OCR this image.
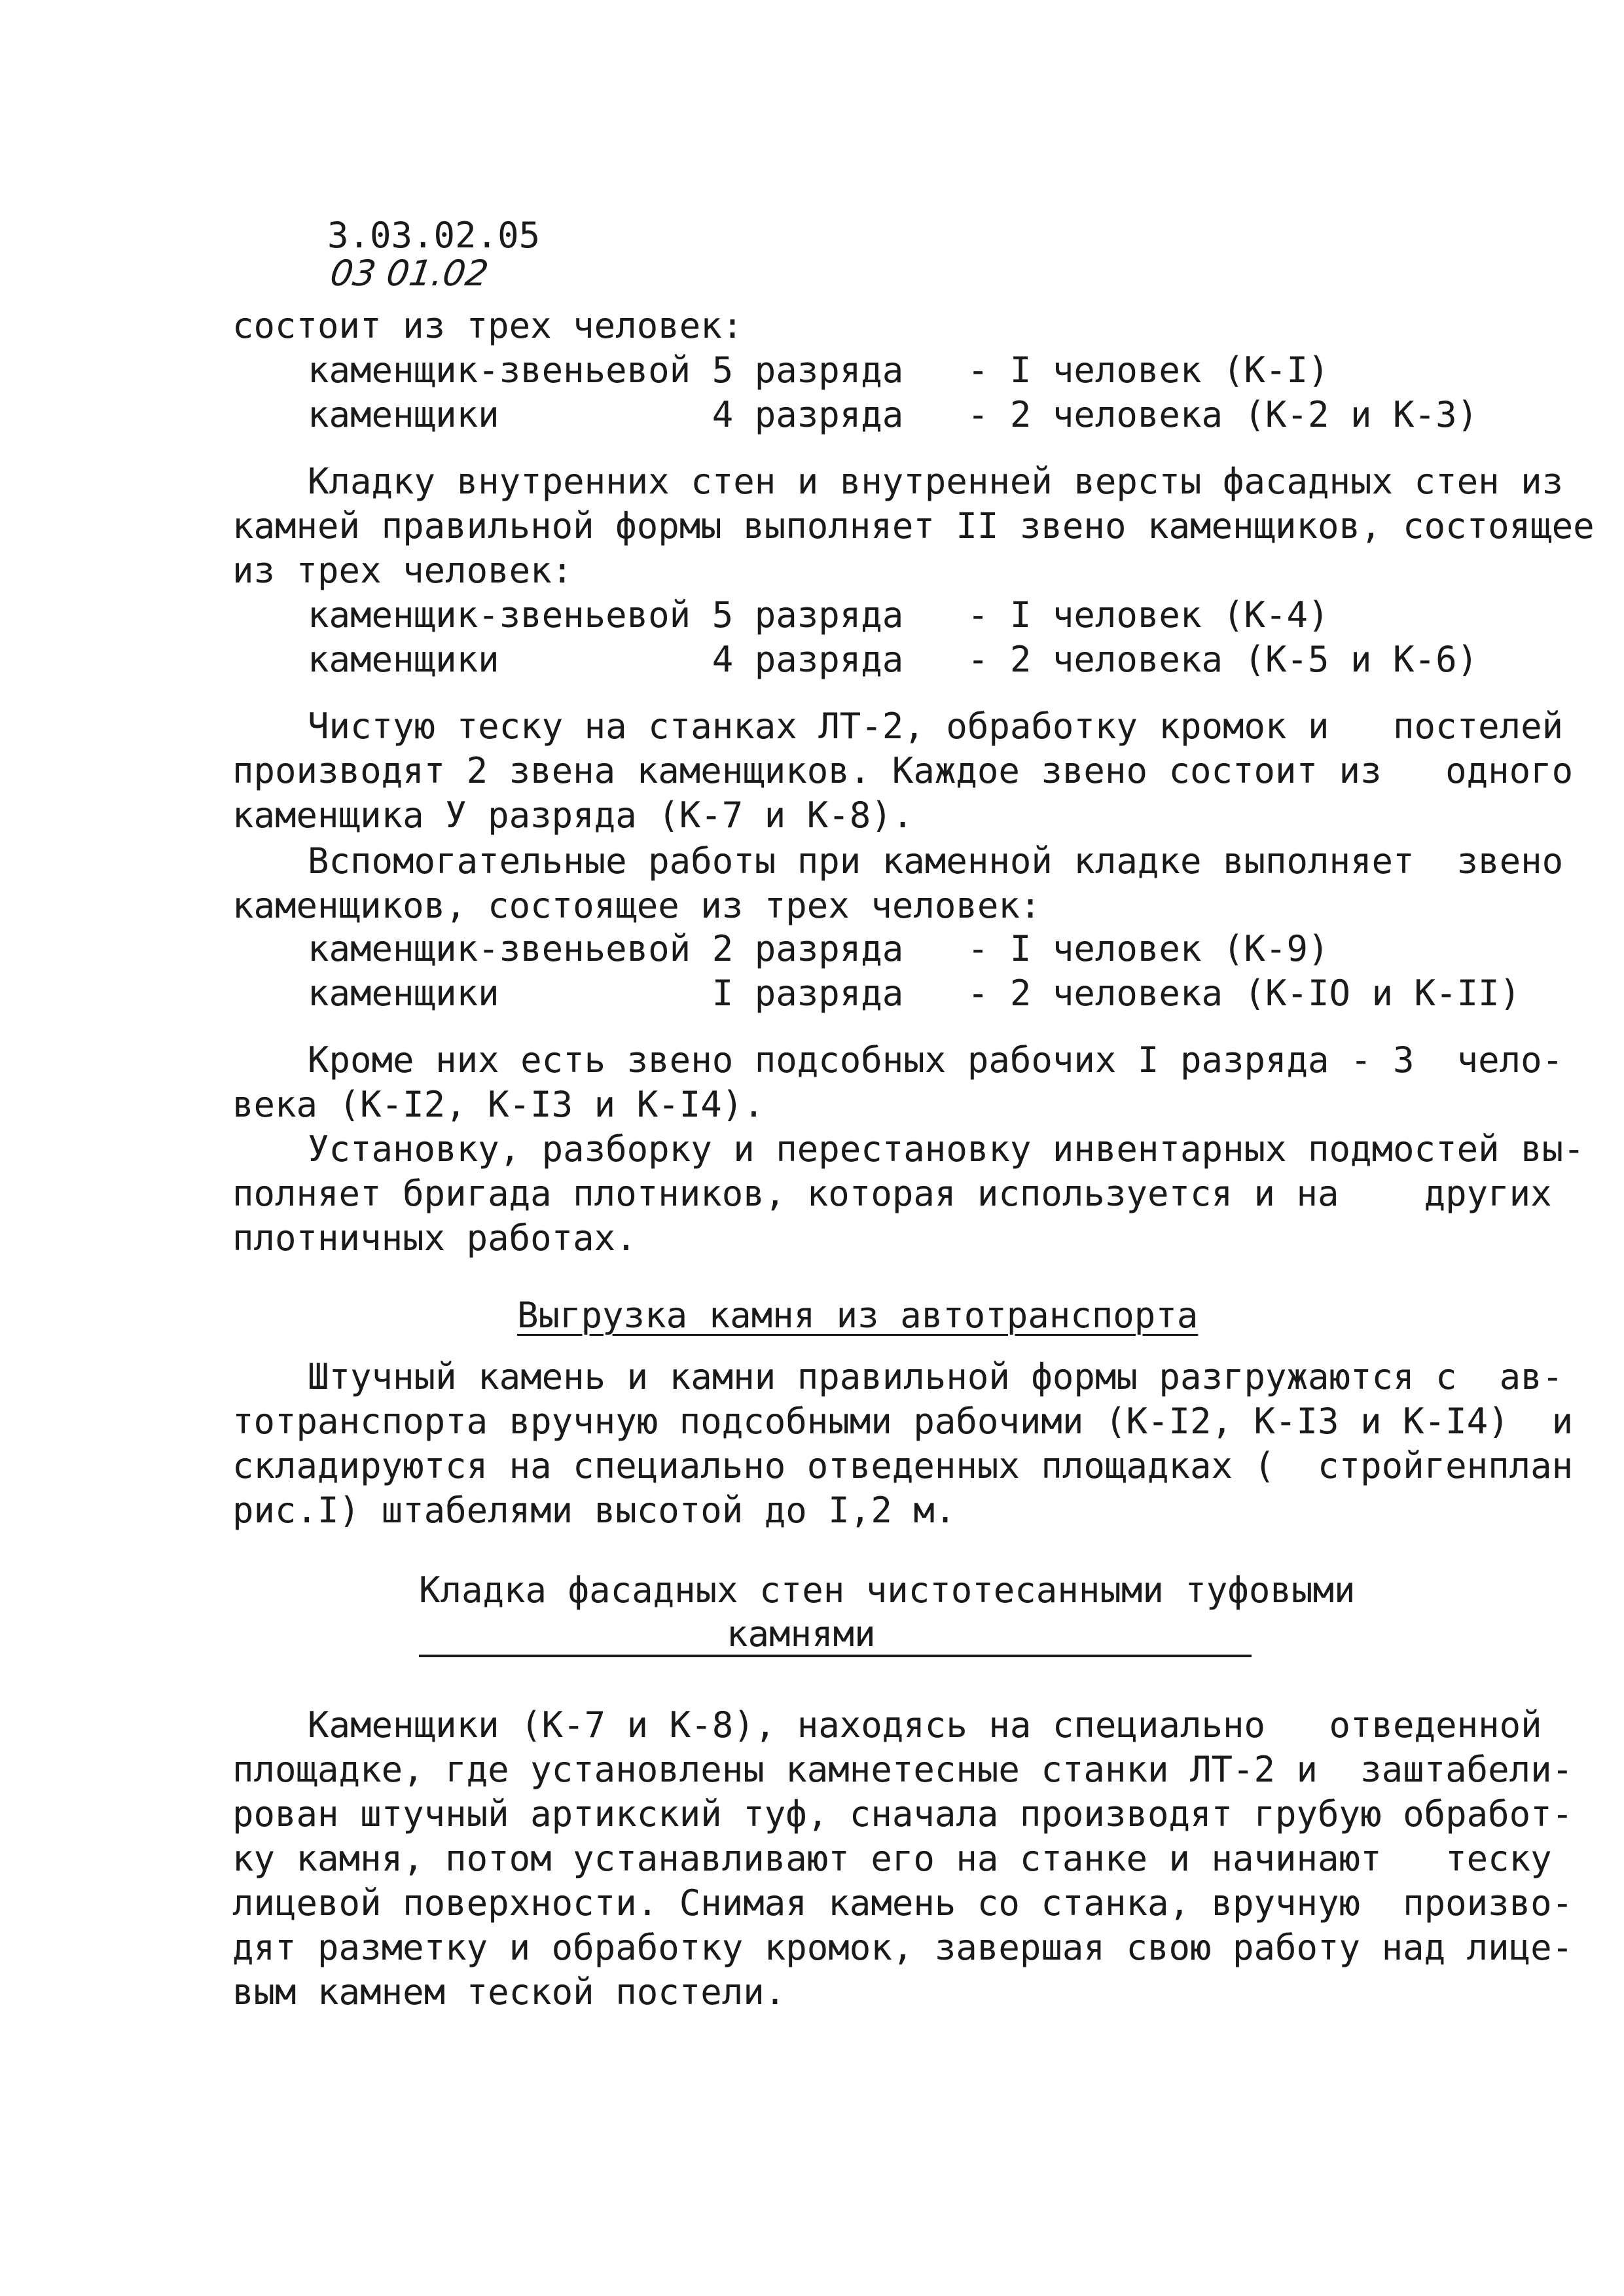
3.03.02.05
03 01.02
состоит из трех человек:
каменщик-звеньевой 5 разряда   - I человек (К-I)
каменщики          4 разряда   - 2 человека (К-2 и К-3)
Кладку внутренних стен и внутренней версты фасадных стен из
камней правильной формы выполняет II звено каменщиков, состоящее
из трех человек:
каменщик-звеньевой 5 разряда   - I человек (К-4)
каменщики          4 разряда   - 2 человека (К-5 и К-6)
Чистую теску на станках ЛТ-2, обработку кромок и   постелей
производят 2 звена каменщиков. Каждое звено состоит из   одного
каменщика У разряда (К-7 и К-8).
Вспомогательные работы при каменной кладке выполняет  звено
каменщиков, состоящее из трех человек:
каменщик-звеньевой 2 разряда   - I человек (К-9)
каменщики          I разряда   - 2 человека (К-IO и К-II)
Кроме них есть звено подсобных рабочих I разряда - 3  чело-
века (К-I2, К-I3 и К-I4).
Установку, разборку и перестановку инвентарных подмостей вы-
полняет бригада плотников, которая используется и на    других
плотничных работах.
Штучный камень и камни правильной формы разгружаются с  ав-
тотранспорта вручную подсобными рабочими (К-I2, К-I3 и К-I4)  и
складируются на специально отведенных площадках (  стройгенплан
рис.I) штабелями высотой до I,2 м.
Каменщики (К-7 и К-8), находясь на специально   отведенной
площадке, где установлены камнетесные станки ЛТ-2 и  заштабели-
рован штучный артикский туф, сначала производят грубую обработ-
ку камня, потом устанавливают его на станке и начинают   теску
лицевой поверхности. Снимая камень со станка, вручную  произво-
дят разметку и обработку кромок, завершая свою работу над лице-
вым камнем теской постели.
Выгрузка камня из автотранспорта
Кладка фасадных стен чистотесанными туфовыми
камнями
